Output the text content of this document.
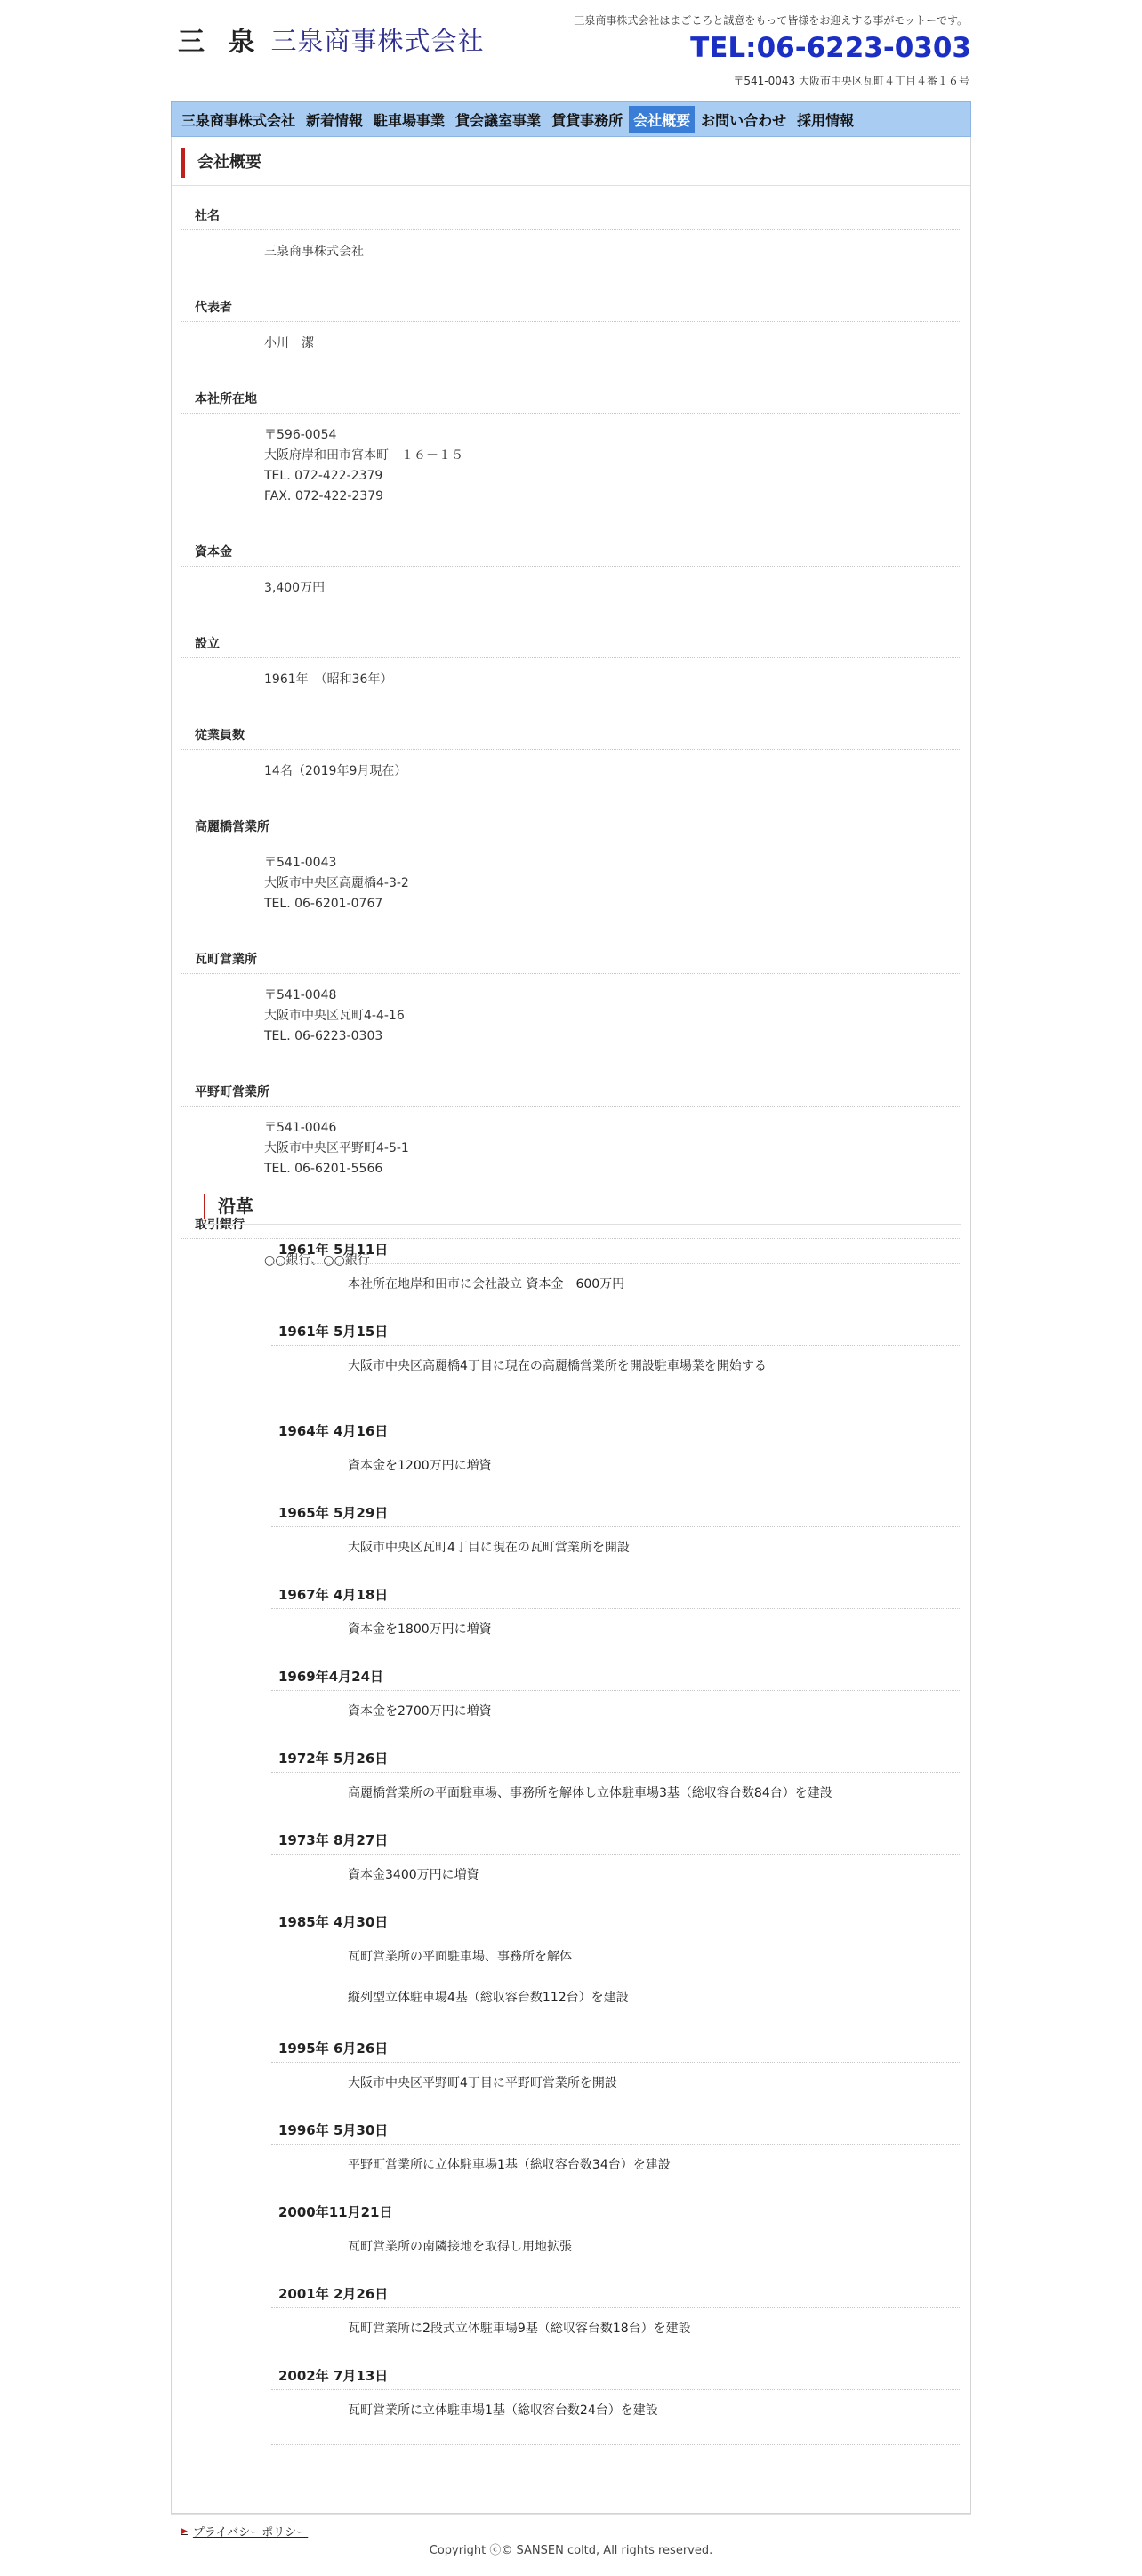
三 泉 三泉商事株式会社
三泉商事株式会社はまごころと誠意をもって皆様をお迎えする事がモットーです。
TEL:06-6223-0303
〒541-0043 大阪市中央区瓦町４丁目４番１６号
三泉商事株式会社 新着情報 駐車場事業 貸会議室事業 賃貸事務所 会社概要 お問い合わせ 採用情報
会社概要
社名
三泉商事株式会社
代表者
小川　潔
本社所在地
〒596-0054
大阪府岸和田市宮本町　１６－１５
TEL. 072-422-2379
FAX. 072-422-2379
資本金
3,400万円
設立
1961年　（昭和36年）
従業員数
14名（2019年9月現在）
高麗橋営業所
〒541-0043
大阪市中央区高麗橋4-3-2
TEL. 06-6201-0767
瓦町営業所
〒541-0048
大阪市中央区瓦町4-4-16
TEL. 06-6223-0303
平野町営業所
〒541-0046
大阪市中央区平野町4-5-1
TEL. 06-6201-5566
取引銀行
○○銀行、○○銀行
沿革
1961年 5月11日
本社所在地岸和田市に会社設立 資本金　600万円
1961年 5月15日
大阪市中央区高麗橋4丁目に現在の高麗橋営業所を開設駐車場業を開始する
1964年 4月16日
資本金を1200万円に増資
1965年 5月29日
大阪市中央区瓦町4丁目に現在の瓦町営業所を開設
1967年 4月18日
資本金を1800万円に増資
1969年4月24日
資本金を2700万円に増資
1972年 5月26日
高麗橋営業所の平面駐車場、事務所を解体し立体駐車場3基（総収容台数84台）を建設
1973年 8月27日
資本金3400万円に増資
1985年 4月30日
瓦町営業所の平面駐車場、事務所を解体
縦列型立体駐車場4基（総収容台数112台）を建設
1995年 6月26日
大阪市中央区平野町4丁目に平野町営業所を開設
1996年 5月30日
平野町営業所に立体駐車場1基（総収容台数34台）を建設
2000年11月21日
瓦町営業所の南隣接地を取得し用地拡張
2001年 2月26日
瓦町営業所に2段式立体駐車場9基（総収容台数18台）を建設
2002年 7月13日
瓦町営業所に立体駐車場1基（総収容台数24台）を建設
▶ プライバシーポリシー
Copyright ⓒ© SANSEN coltd, All rights reserved.
